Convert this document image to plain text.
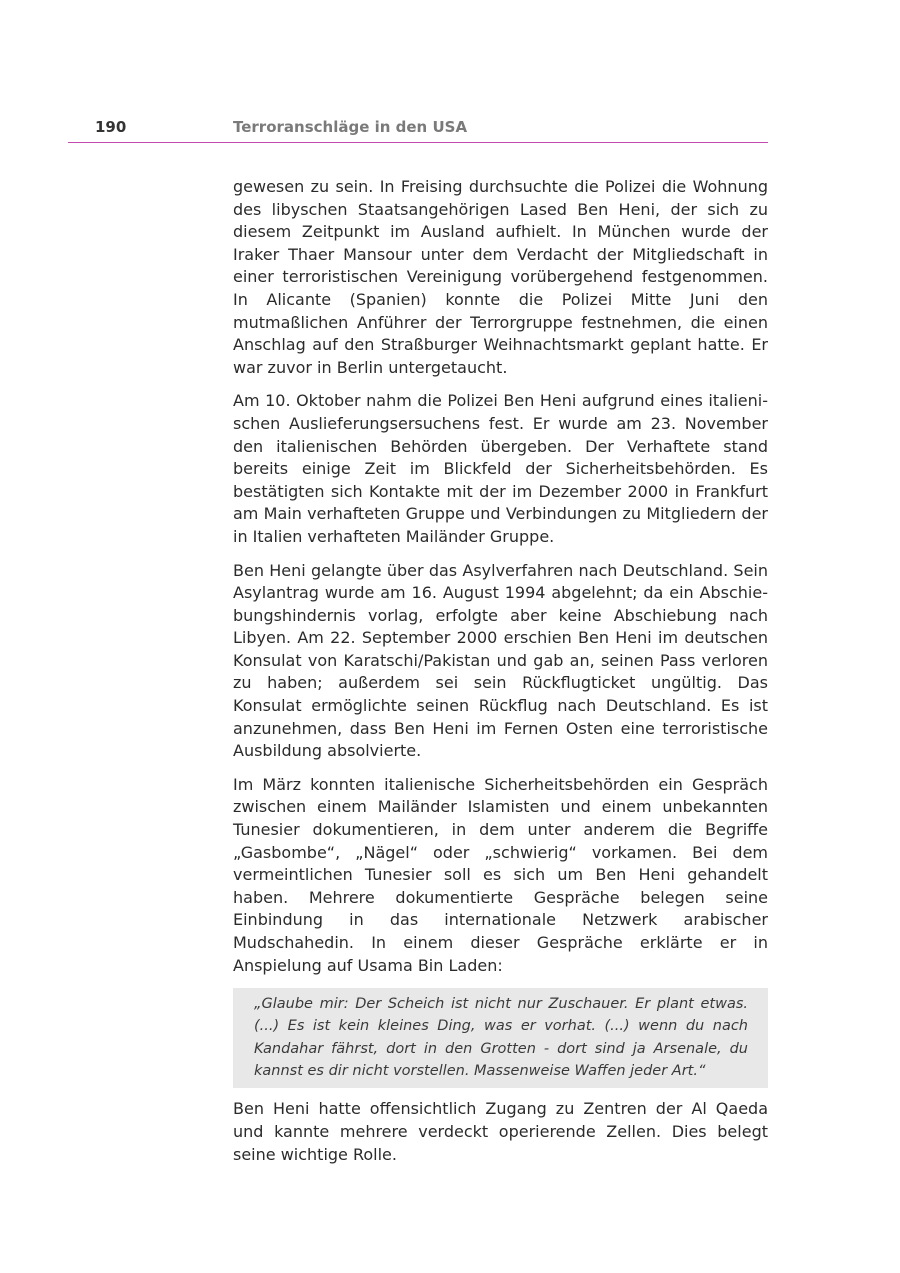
190	Terroranschläge in den USA

gewesen zu sein. In Freising durchsuchte die Polizei die Wohnung des libyschen Staatsangehörigen Lased Ben Heni, der sich zu diesem Zeitpunkt im Ausland aufhielt. In München wurde der Iraker Thaer Mansour unter dem Verdacht der Mitgliedschaft in einer terroristischen Vereinigung vorübergehend festgenommen. In Alicante (Spanien) konnte die Polizei Mitte Juni den mutmaßlichen Anführer der Terrorgruppe festnehmen, die einen Anschlag auf den Straßburger Weihnachtsmarkt geplant hatte. Er war zuvor in Berlin untergetaucht.

Am 10. Oktober nahm die Polizei Ben Heni aufgrund eines italienischen Auslieferungsersuchens fest. Er wurde am 23. November den italienischen Behörden übergeben. Der Verhaftete stand bereits einige Zeit im Blickfeld der Sicherheitsbehörden. Es bestätigten sich Kontakte mit der im Dezember 2000 in Frankfurt am Main verhafteten Gruppe und Verbindungen zu Mitgliedern der in Italien verhafteten Mailänder Gruppe.

Ben Heni gelangte über das Asylverfahren nach Deutschland. Sein Asylantrag wurde am 16. August 1994 abgelehnt; da ein Abschiebungshindernis vorlag, erfolgte aber keine Abschiebung nach Libyen. Am 22. September 2000 erschien Ben Heni im deutschen Konsulat von Karatschi/Pakistan und gab an, seinen Pass verloren zu haben; außerdem sei sein Rückflugticket ungültig. Das Konsulat ermöglichte seinen Rückflug nach Deutschland. Es ist anzunehmen, dass Ben Heni im Fernen Osten eine terroristische Ausbildung absolvierte.

Im März konnten italienische Sicherheitsbehörden ein Gespräch zwischen einem Mailänder Islamisten und einem unbekannten Tunesier dokumentieren, in dem unter anderem die Begriffe „Gasbombe“, „Nägel“ oder „schwierig“ vorkamen. Bei dem vermeintlichen Tunesier soll es sich um Ben Heni gehandelt haben. Mehrere dokumentierte Gespräche belegen seine Einbindung in das internationale Netzwerk arabischer Mudschahedin. In einem dieser Gespräche erklärte er in Anspielung auf Usama Bin Laden:

„Glaube mir: Der Scheich ist nicht nur Zuschauer. Er plant etwas. (...) Es ist kein kleines Ding, was er vorhat. (...) wenn du nach Kandahar fährst, dort in den Grotten - dort sind ja Arsenale, du kannst es dir nicht vorstellen. Massenweise Waffen jeder Art.“

Ben Heni hatte offensichtlich Zugang zu Zentren der Al Qaeda und kannte mehrere verdeckt operierende Zellen. Dies belegt seine wichtige Rolle.
